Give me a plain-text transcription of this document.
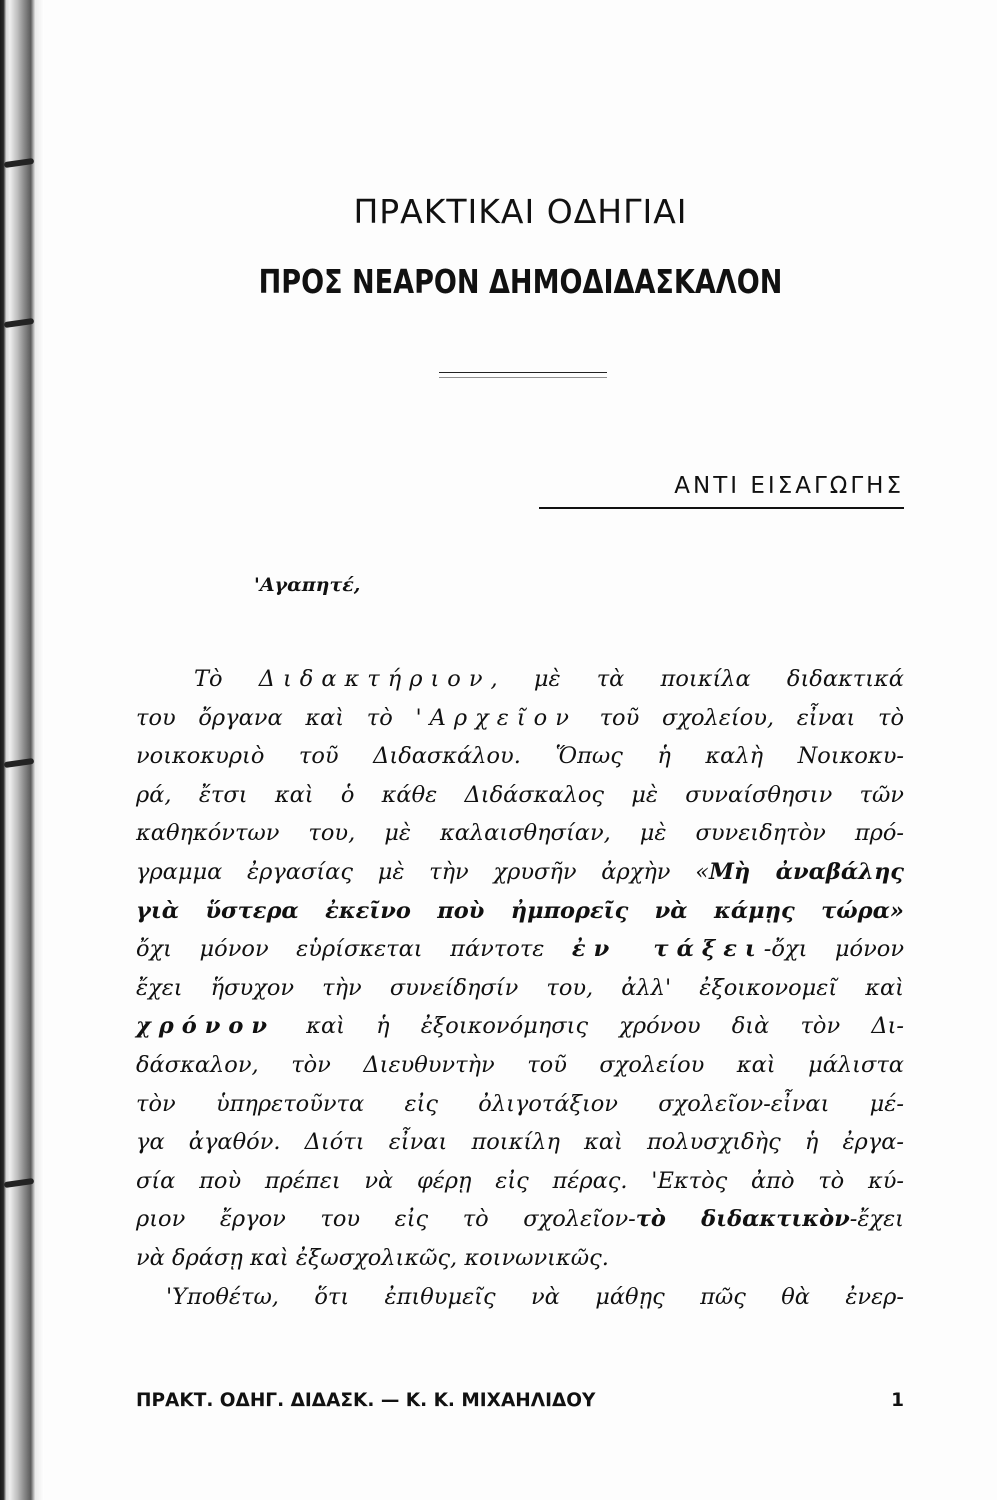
ΠΡΑΚΤΙΚΑΙ ΟΔΗΓΙΑΙ
ΠΡΟΣ ΝΕΑΡΟΝ ΔΗΜΟΔΙΔΑΣΚΑΛΟΝ
ΑΝΤΙ ΕΙΣΑΓΩΓΗΣ
'Αγαπητέ,
Τὸ Διδακτήριον, μὲ τὰ ποικίλα διδακτικά
του ὄργανα καὶ τὸ 'Αρχεῖον τοῦ σχολείου, εἶναι τὸ
νοικοκυριὸ τοῦ Διδασκάλου. Ὅπως ἡ καλὴ Νοικοκυ-
ρά, ἔτσι καὶ ὁ κάθε Διδάσκαλος μὲ συναίσθησιν τῶν
καθηκόντων του, μὲ καλαισθησίαν, μὲ συνειδητὸν πρό-
γραμμα ἐργασίας μὲ τὴν χρυσῆν ἀρχὴν «Μὴ ἀναβάλης
γιὰ ὕστερα ἐκεῖνο ποὺ ἠμπορεῖς νὰ κάμῃς τώρα»
ὄχι μόνον εὑρίσκεται πάντοτε ἐν τάξει-ὄχι μόνον
ἔχει ἥσυχον τὴν συνείδησίν του, ἀλλ' ἐξοικονομεῖ καὶ
χρόνον καὶ ἡ ἐξοικονόμησις χρόνου διὰ τὸν Δι-
δάσκαλον, τὸν Διευθυντὴν τοῦ σχολείου καὶ μάλιστα
τὸν ὑπηρετοῦντα εἰς ὀλιγοτάξιον σχολεῖον-εἶναι μέ-
γα ἀγαθόν. Διότι εἶναι ποικίλη καὶ πολυσχιδὴς ἡ ἐργα-
σία ποὺ πρέπει νὰ φέρῃ εἰς πέρας. 'Εκτὸς ἀπὸ τὸ κύ-
ριον ἔργον του εἰς τὸ σχολεῖον-τὸ διδακτικὸν-ἔχει
νὰ δράσῃ καὶ ἐξωσχολικῶς, κοινωνικῶς.
'Υποθέτω, ὅτι ἐπιθυμεῖς νὰ μάθῃς πῶς θὰ ἐνερ-
ΠΡΑΚΤ. ΟΔΗΓ. ΔΙΔΑΣΚ. — Κ. Κ. ΜΙΧΑΗΛΙΔΟΥ	1
